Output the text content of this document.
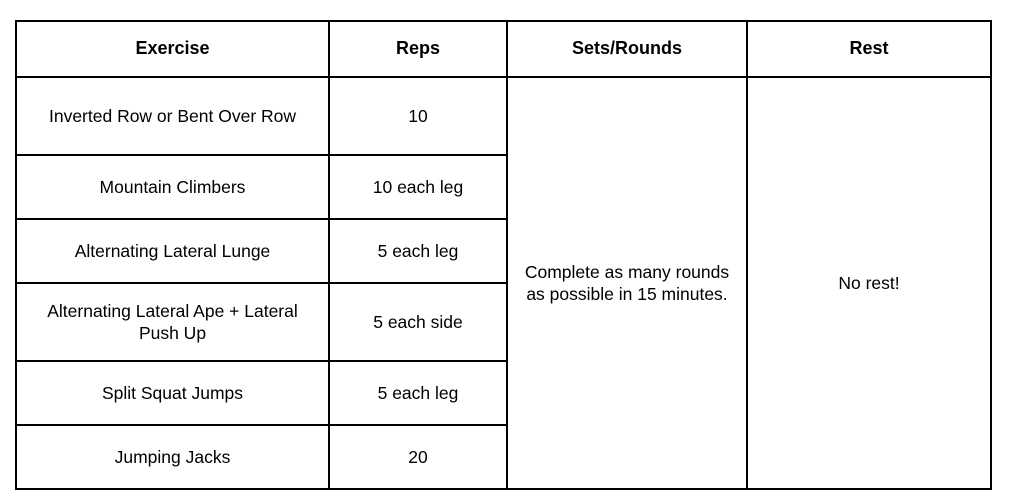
Exercise	Reps	Sets/Rounds	Rest
Inverted Row or Bent Over Row	10	Complete as many rounds as possible in 15 minutes.	No rest!
Mountain Climbers	10 each leg		
Alternating Lateral Lunge	5 each leg		
Alternating Lateral Ape + Lateral Push Up	5 each side		
Split Squat Jumps	5 each leg		
Jumping Jacks	20		
